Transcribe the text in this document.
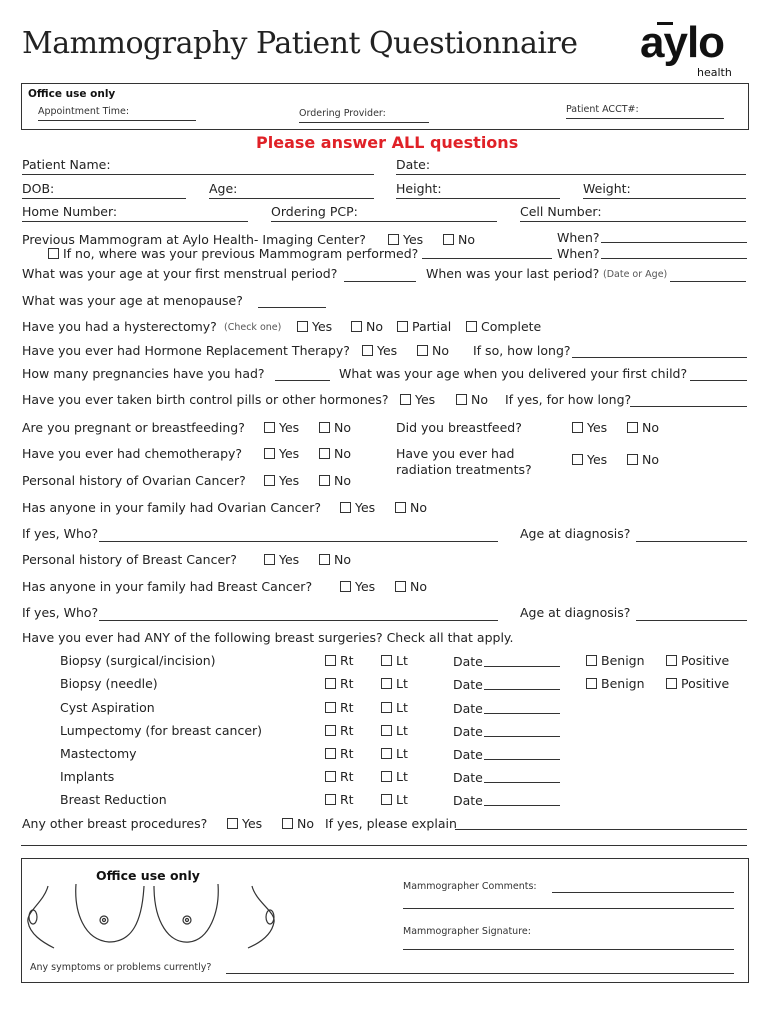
Mammography Patient Questionnaire aylo
health
Office use only
Appointment Time:	Ordering Provider:	Patient ACCT#:
Please answer ALL questions
Patient Name:	Date:
DOB:	Age:	Height:	Weight:
Home Number:	Ordering PCP:	Cell Number:
Previous Mammogram at Aylo Health- Imaging Center?	Yes	No	When?
If no, where was your previous Mammogram performed?	When?
What was your age at your first menstrual period?	When was your last period? (Date or Age)
What was your age at menopause?
Have you had a hysterectomy? (Check one)	Yes	No	Partial	Complete
Have you ever had Hormone Replacement Therapy?	Yes	No If so, how long?
How many pregnancies have you had?	What was your age when you delivered your first child?
Have you ever taken birth control pills or other hormones?	Yes	No If yes, for how long?
Are you pregnant or breastfeeding?	Yes	No	Did you breastfeed?	Yes	No
Have you ever had chemotherapy?	Yes	No	Have you ever had
radiation treatments?
Yes	No
Personal history of Ovarian Cancer?	Yes	No
Has anyone in your family had Ovarian Cancer?	Yes	No
If yes, Who?	Age at diagnosis?
Personal history of Breast Cancer?	Yes	No
Has anyone in your family had Breast Cancer?	Yes	No
If yes, Who?	Age at diagnosis?
Have you ever had ANY of the following breast surgeries? Check all that apply.
Biopsy (surgical/incision)	Rt	Lt	Date	Benign	Positive
Biopsy (needle)	Rt	Lt	Date	Benign	Positive
Cyst Aspiration	Rt	Lt	Date
Lumpectomy (for breast cancer)	Rt	Lt	Date
Mastectomy	Rt	Lt	Date
Implants	Rt	Lt	Date
Breast Reduction	Rt	Lt	Date
Any other breast procedures?	Yes	No If yes, please explain
Office use only
Mammographer Comments:
Mammographer Signature:
Any symptoms or problems currently?
